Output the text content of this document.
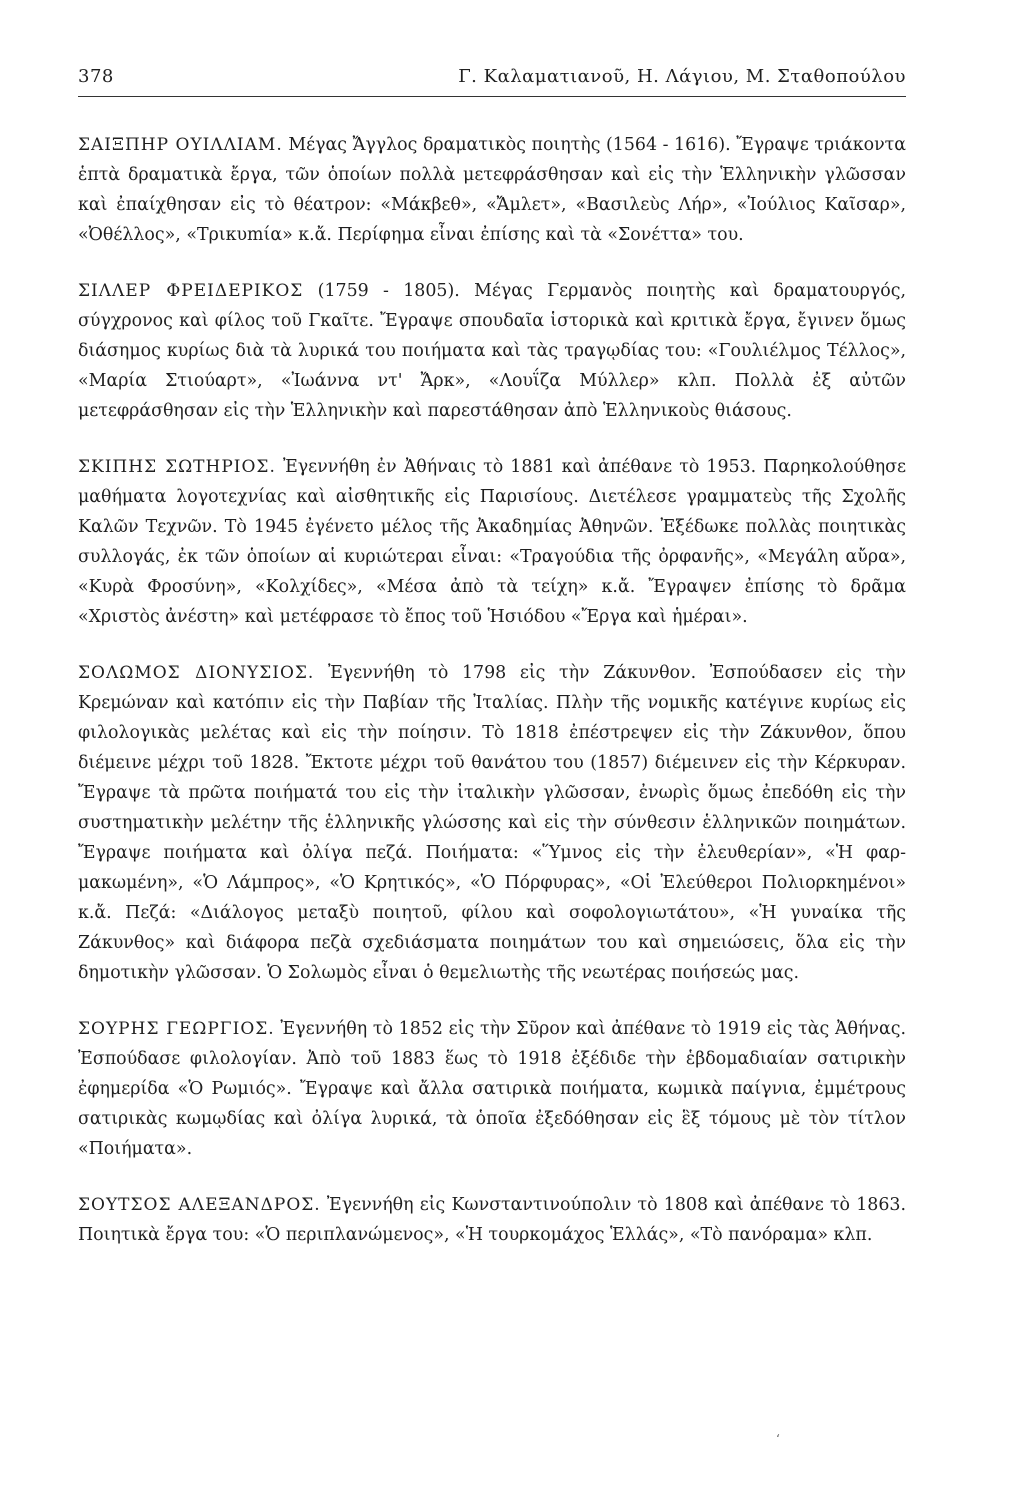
378	Γ. Καλαματιανοῦ, Η. Λάγιου, Μ. Σταθοπούλου

ΣΑΙΞΠΗΡ ΟΥΙΛΛΙΑΜ. Μέγας Ἄγγλος δραματικὸς ποιητὴς (1564 - 1616). Ἔγραψε τριάκοντα ἑπτὰ δραματικὰ ἔργα, τῶν ὁποίων πολλὰ μετεφράσθησαν καὶ εἰς τὴν Ἑλληνικὴν γλῶσσαν καὶ ἐπαίχθησαν εἰς τὸ θέατρον: «Μάκβεθ», «Ἄμλετ», «Βασιλεὺς Λήρ», «Ἰούλιος Καῖσαρ», «Ὀθέλλος», «Τρικυmία» κ.ἄ. Περίφημα εἶναι ἐπίσης καὶ τὰ «Σονέττα» του.

ΣΙΛΛΕΡ ΦΡΕΙΔΕΡΙΚΟΣ (1759 - 1805). Μέγας Γερμανὸς ποιητὴς καὶ δραματουργός, σύγχρονος καὶ φίλος τοῦ Γκαῖτε. Ἔγραψε σπουδαῖα ἱστορικὰ καὶ κριτικὰ ἔργα, ἔγινεν ὅμως διάσημος κυρίως διὰ τὰ λυρικά του ποιήματα καὶ τὰς τραγῳδίας του: «Γουλιέλμος Τέλλος», «Μαρία Στιούαρτ», «Ἰωάννα ντ' Ἄρκ», «Λουΐζα Μύλλερ» κλπ. Πολλὰ ἐξ αὐτῶν μετεφράσθησαν εἰς τὴν Ἑλληνικὴν καὶ παρεστάθησαν ἀπὸ Ἑλληνικοὺς θιάσους.

ΣΚΙΠΗΣ ΣΩΤΗΡΙΟΣ. Ἐγεννήθη ἐν Ἀθήναις τὸ 1881 καὶ ἀπέθανε τὸ 1953. Παρηκολούθησε μαθήματα λογοτεχνίας καὶ αἰσθητικῆς εἰς Παρισίους. Διετέλεσε γραμματεὺς τῆς Σχολῆς Καλῶν Τεχνῶν. Τὸ 1945 ἐγένετο μέλος τῆς Ἀκαδημίας Ἀθηνῶν. Ἐξέδωκε πολλὰς ποιητικὰς συλλογάς, ἐκ τῶν ὁποίων αἱ κυριώτεραι εἶναι: «Τραγούδια τῆς ὀρφανῆς», «Μεγάλη αὔρα», «Κυρὰ Φροσύνη», «Κολχίδες», «Μέσα ἀπὸ τὰ τείχη» κ.ἄ. Ἔγραψεν ἐπίσης τὸ δρᾶμα «Χριστὸς ἀνέστη» καὶ μετέφρασε τὸ ἔπος τοῦ Ἡσιόδου «Ἔργα καὶ ἡμέραι».

ΣΟΛΩΜΟΣ ΔΙΟΝΥΣΙΟΣ. Ἐγεννήθη τὸ 1798 εἰς τὴν Ζάκυνθον. Ἐσπούδασεν εἰς τὴν Κρεμώναν καὶ κατόπιν εἰς τὴν Παβίαν τῆς Ἰταλίας. Πλὴν τῆς νομικῆς κατέγινε κυρίως εἰς φιλολογικὰς μελέτας καὶ εἰς τὴν ποίησιν. Τὸ 1818 ἐπέστρεψεν εἰς τὴν Ζάκυνθον, ὅπου διέμεινε μέχρι τοῦ 1828. Ἔκτοτε μέχρι τοῦ θανάτου του (1857) διέμεινεν εἰς τὴν Κέρκυραν. Ἔγραψε τὰ πρῶτα ποιήματά του εἰς τὴν ἰταλικὴν γλῶσσαν, ἐνωρὶς ὅμως ἐπεδόθη εἰς τὴν συστηματικὴν μελέτην τῆς ἑλληνικῆς γλώσσης καὶ εἰς τὴν σύνθεσιν ἑλληνικῶν ποιημάτων. Ἔγραψε ποιήματα καὶ ὀλίγα πεζά. Ποιήματα: «Ὕμνος εἰς τὴν ἐλευθερίαν», «Ἡ φαρμακωμένη», «Ὁ Λάμπρος», «Ὁ Κρητικός», «Ὁ Πόρφυρας», «Οἱ Ἐλεύθεροι Πολιορκημένοι» κ.ἄ. Πεζά: «Διάλογος μεταξὺ ποιητοῦ, φίλου καὶ σοφολογιωτάτου», «Ἡ γυναίκα τῆς Ζάκυνθος» καὶ διάφορα πεζὰ σχεδιάσματα ποιημάτων του καὶ σημειώσεις, ὅλα εἰς τὴν δημοτικὴν γλῶσσαν. Ὁ Σολωμὸς εἶναι ὁ θεμελιωτὴς τῆς νεωτέρας ποιήσεώς μας.

ΣΟΥΡΗΣ ΓΕΩΡΓΙΟΣ. Ἐγεννήθη τὸ 1852 εἰς τὴν Σῦρον καὶ ἀπέθανε τὸ 1919 εἰς τὰς Ἀθήνας. Ἐσπούδασε φιλολογίαν. Ἀπὸ τοῦ 1883 ἕως τὸ 1918 ἐξέδιδε τὴν ἑβδομαδιαίαν σατιρικὴν ἐφημερίδα «Ὁ Ρωμιός». Ἔγραψε καὶ ἄλλα σατιρικὰ ποιήματα, κωμικὰ παίγνια, ἐμμέτρους σατιρικὰς κωμῳδίας καὶ ὀλίγα λυρικά, τὰ ὁποῖα ἐξεδόθησαν εἰς ἓξ τόμους μὲ τὸν τίτλον «Ποιήματα».

ΣΟΥΤΣΟΣ ΑΛΕΞΑΝΔΡΟΣ. Ἐγεννήθη εἰς Κωνσταντινούπολιν τὸ 1808 καὶ ἀπέθανε τὸ 1863. Ποιητικὰ ἔργα του: «Ὁ περιπλανώμενος», «Ἡ τουρκομάχος Ἑλλάς», «Τὸ πανόραμα» κλπ.

‘
